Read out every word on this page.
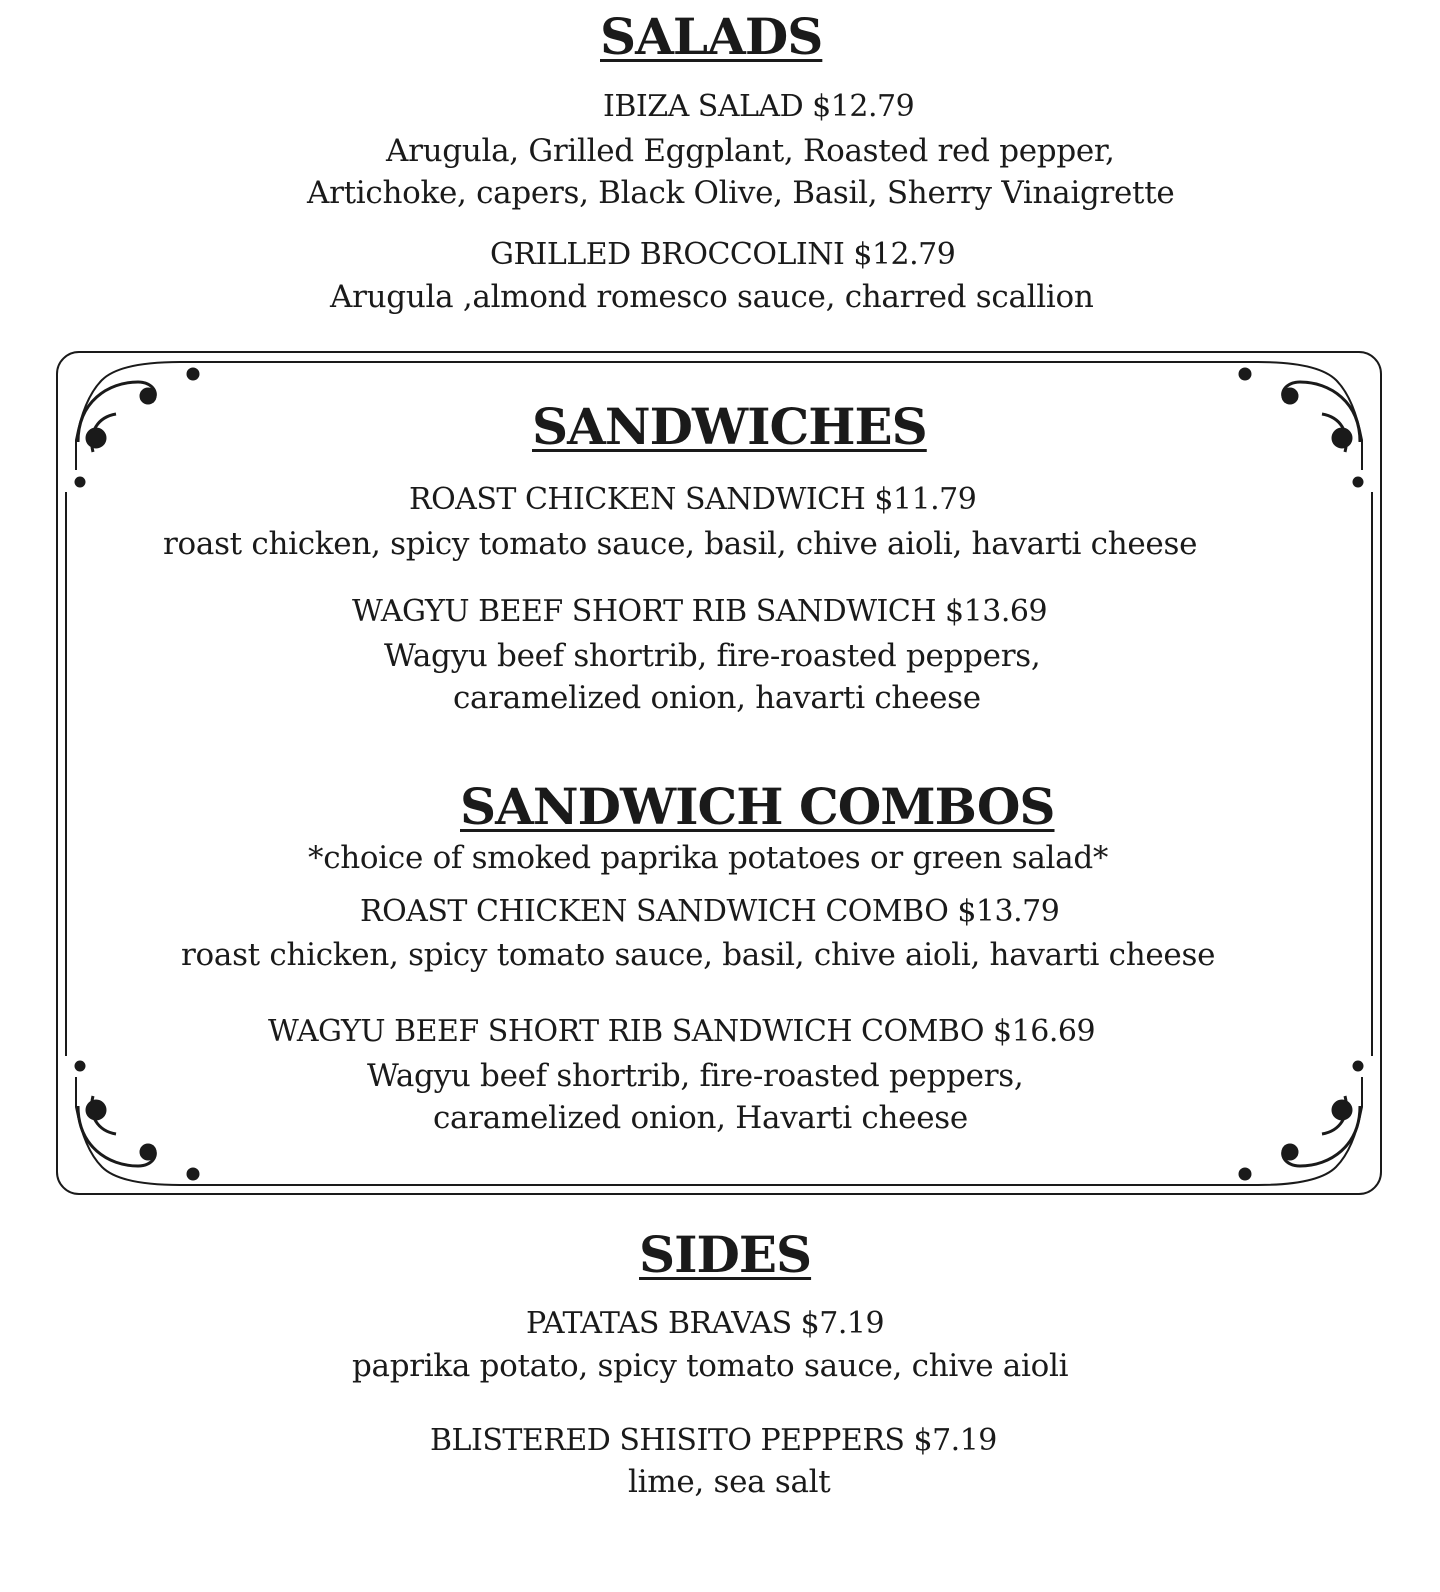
SALADS
IBIZA SALAD $12.79
Arugula, Grilled Eggplant, Roasted red pepper,
Artichoke, capers, Black Olive, Basil, Sherry Vinaigrette
GRILLED BROCCOLINI $12.79
Arugula ,almond romesco sauce, charred scallion
SANDWICHES
ROAST CHICKEN SANDWICH $11.79
roast chicken, spicy tomato sauce, basil, chive aioli, havarti cheese
WAGYU BEEF SHORT RIB SANDWICH $13.69
Wagyu beef shortrib, fire-roasted peppers,
caramelized onion, havarti cheese
SANDWICH COMBOS
*choice of smoked paprika potatoes or green salad*
ROAST CHICKEN SANDWICH COMBO $13.79
roast chicken, spicy tomato sauce, basil, chive aioli, havarti cheese
WAGYU BEEF SHORT RIB SANDWICH COMBO $16.69
Wagyu beef shortrib, fire-roasted peppers,
caramelized onion, Havarti cheese
SIDES
PATATAS BRAVAS $7.19
paprika potato, spicy tomato sauce, chive aioli
BLISTERED SHISITO PEPPERS $7.19
lime, sea salt
